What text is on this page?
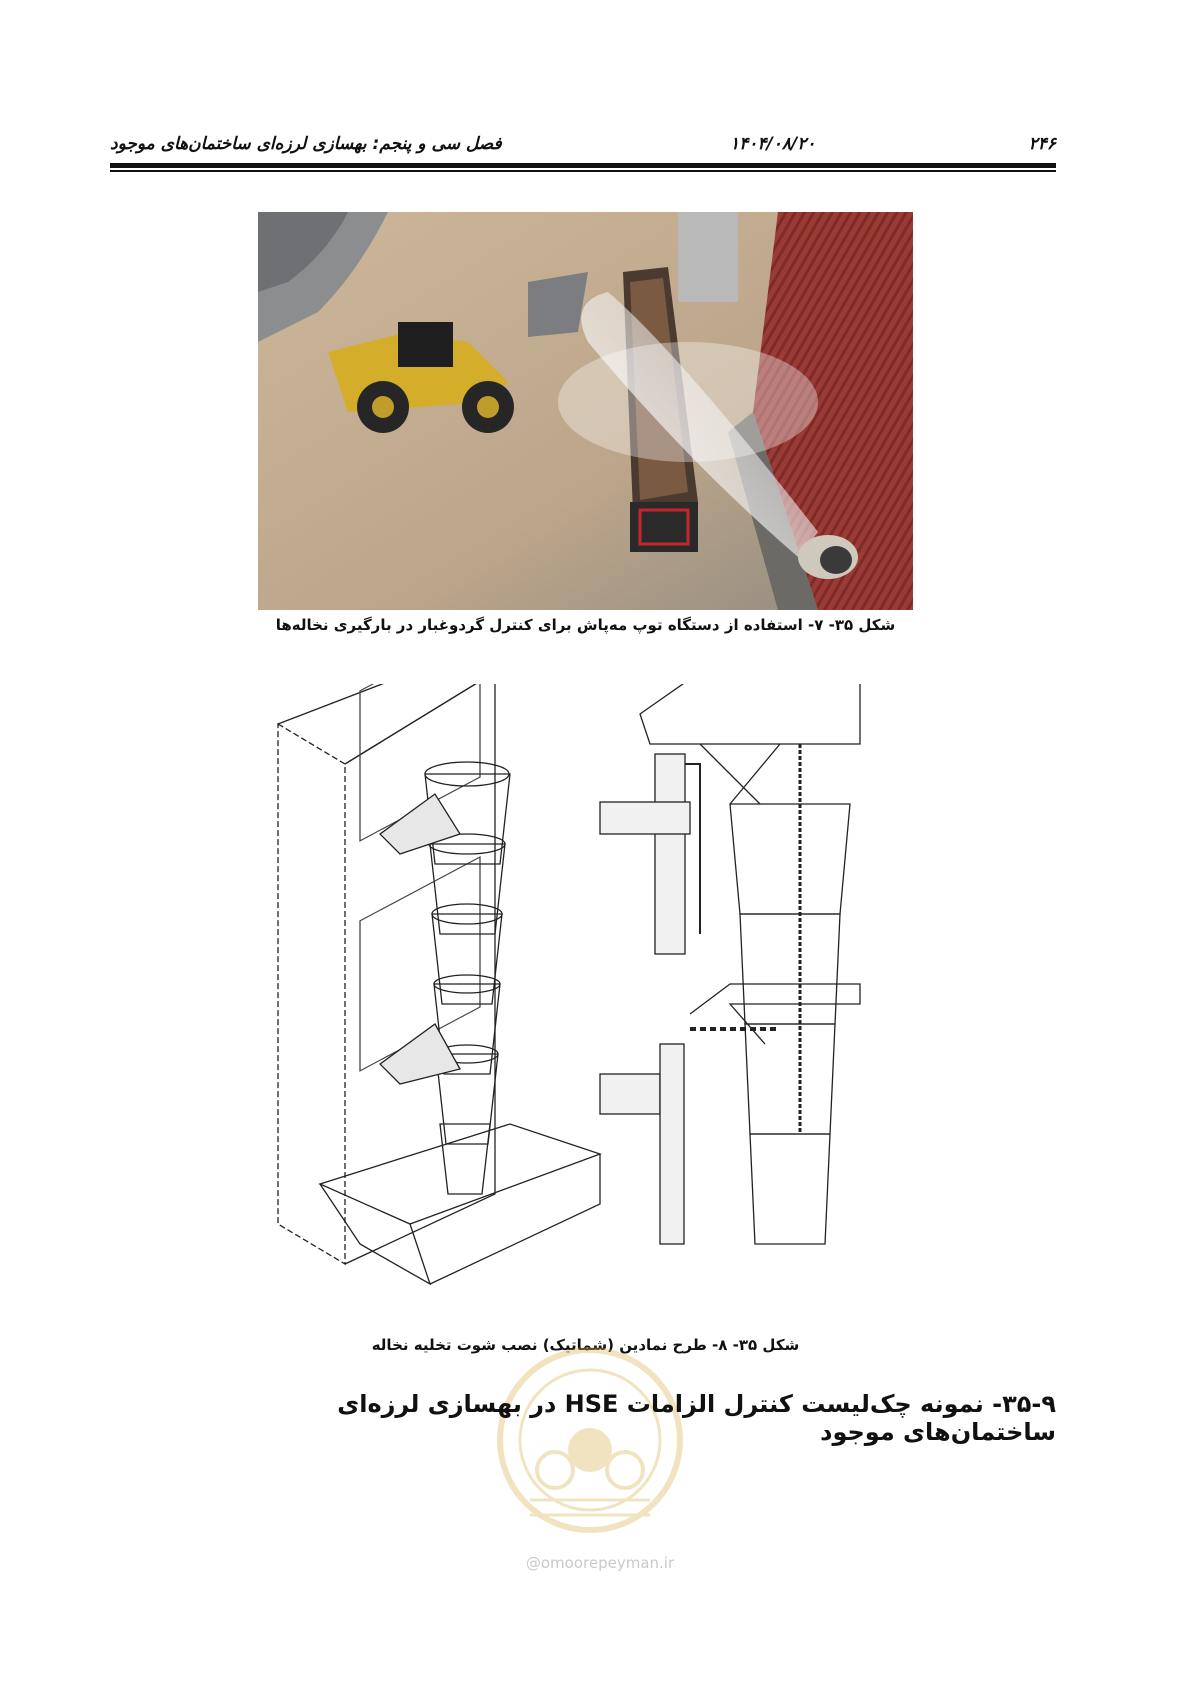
فصل سی و پنجم: بهسازی لرزه‌ای ساختمان‌های موجود	۱۴۰۴/۰۸/۲۰	۲۴۶
شکل ۳۵- ۷- استفاده از دستگاه توپ مه‌پاش برای کنترل گردوغبار در بارگیری نخاله‌ها
شکل ۳۵- ۸- طرح نمادین (شماتیک) نصب شوت تخلیه نخاله
@omoorepeyman.ir
۳۵-۹- نمونه چک‌لیست کنترل الزامات HSE در بهسازی لرزه‌ای ساختمان‌های موجود
